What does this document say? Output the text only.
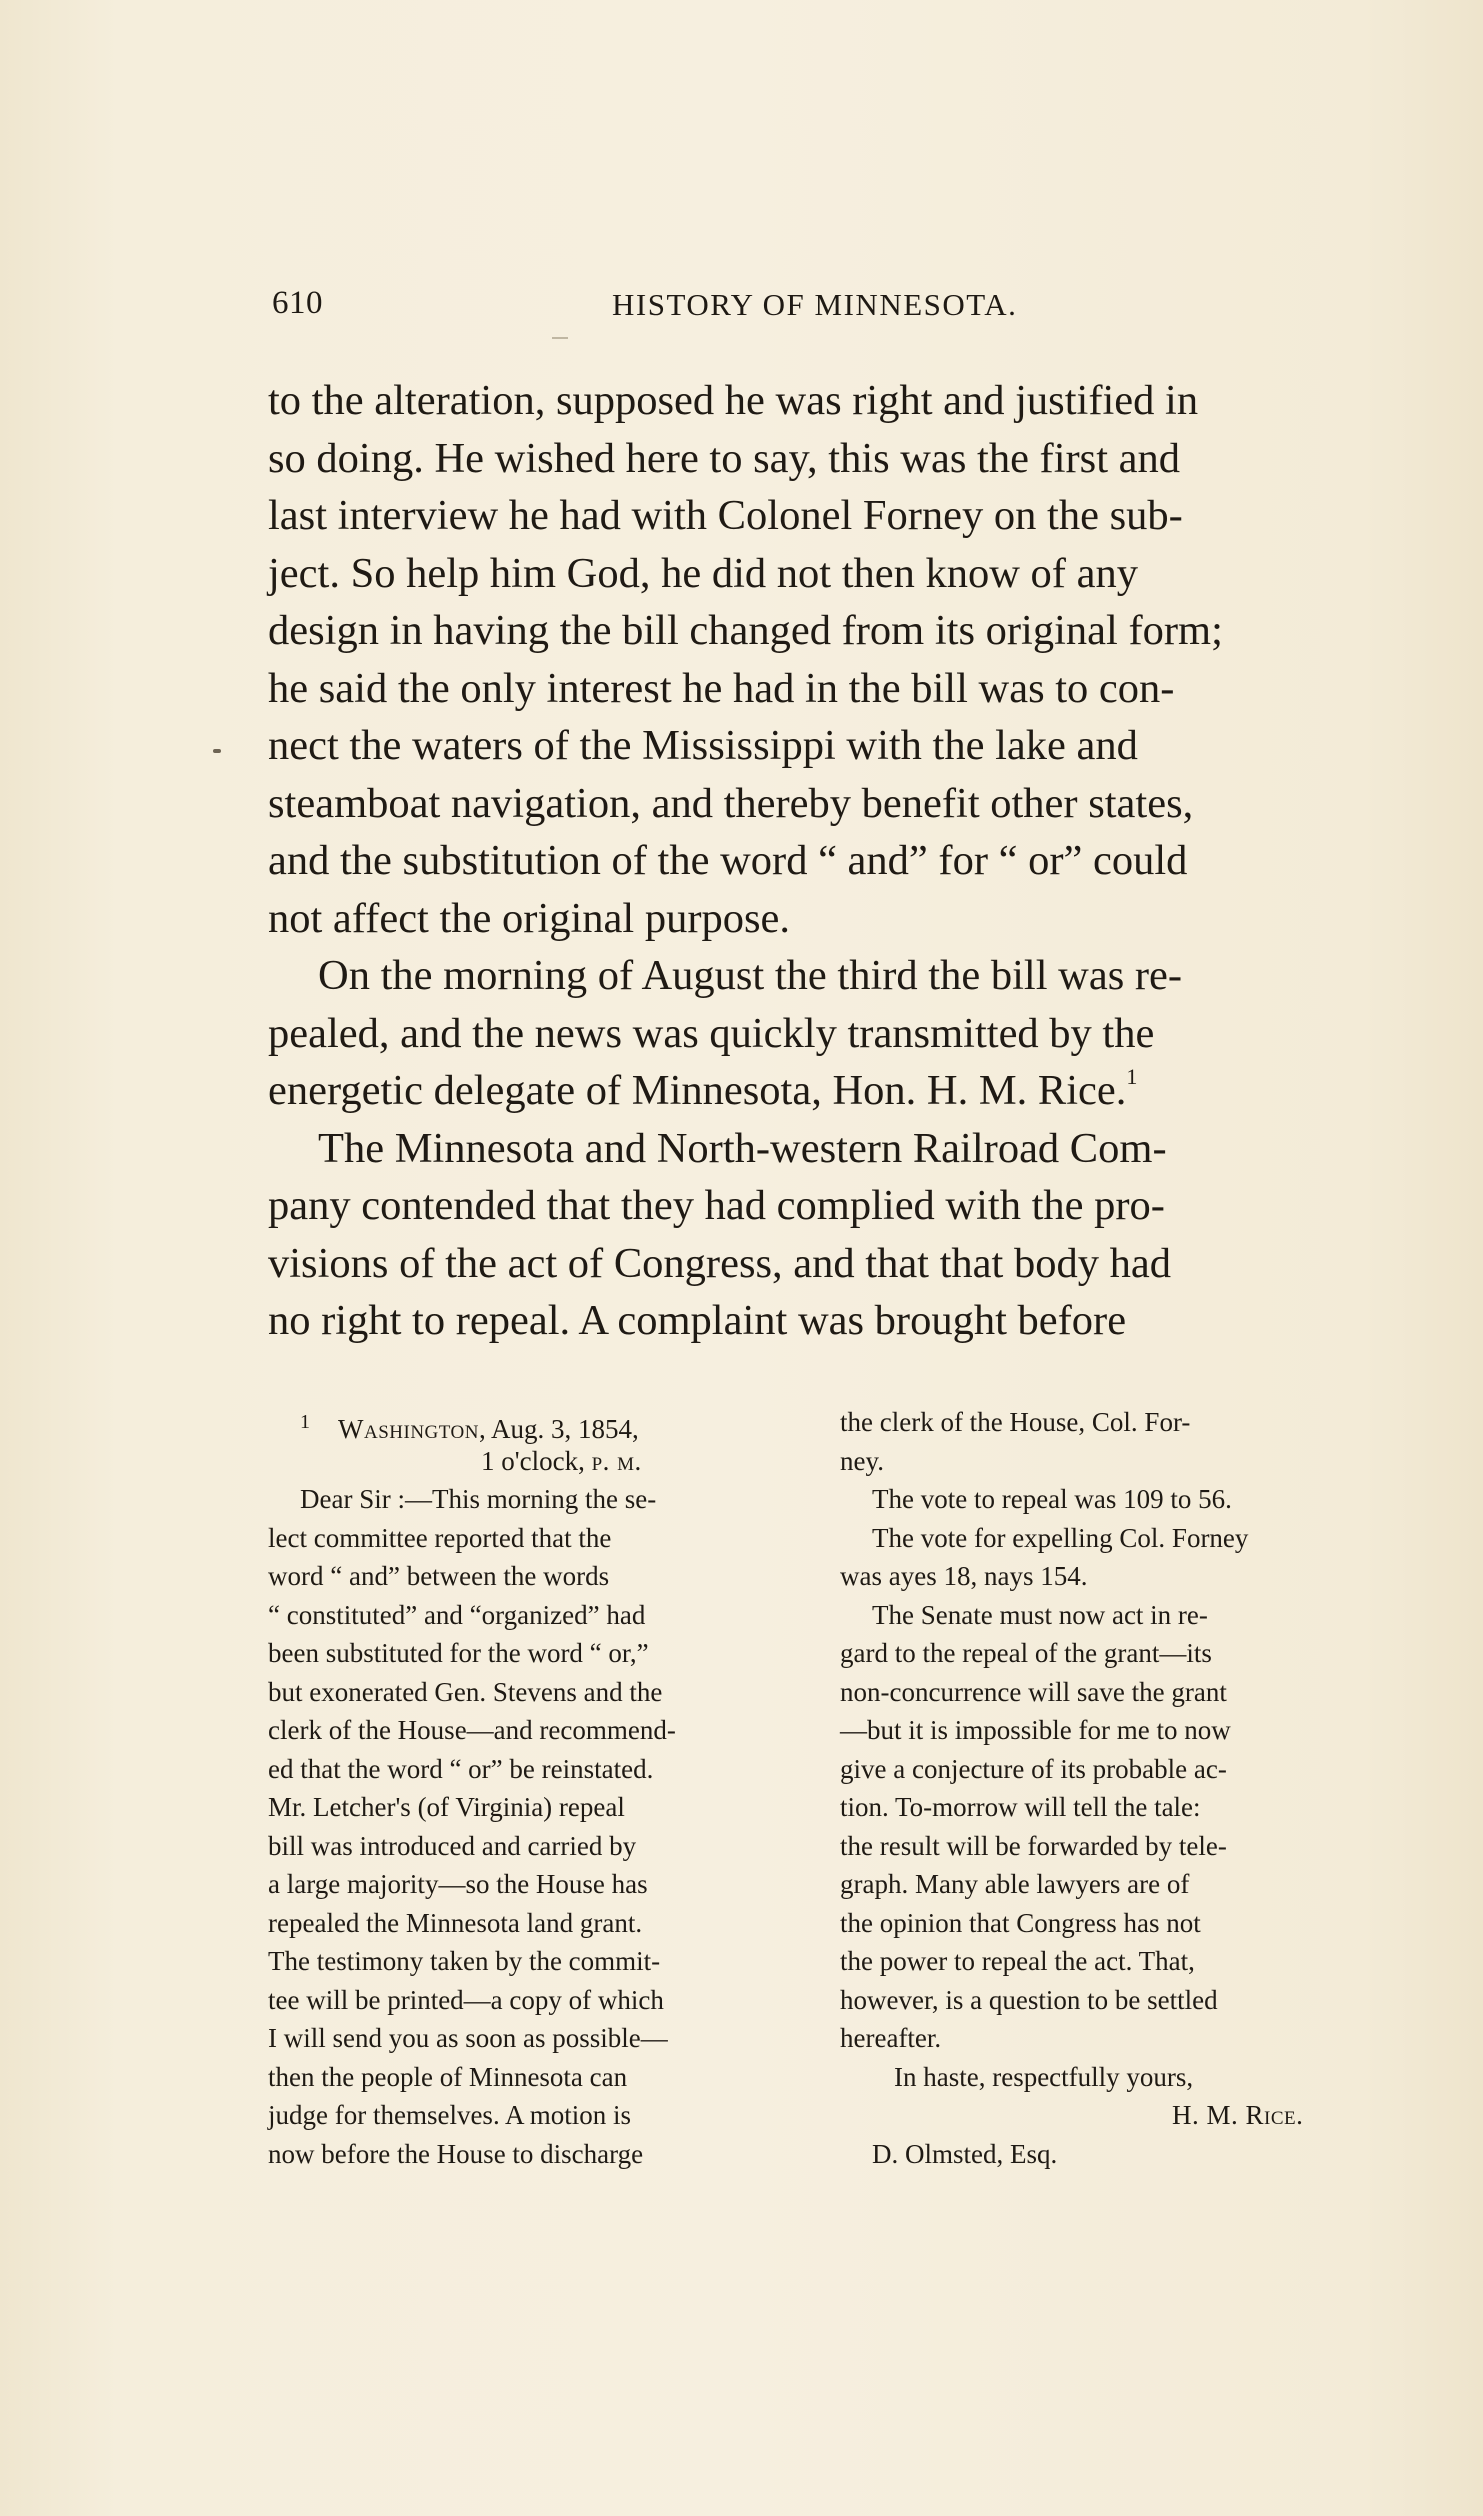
610	HISTORY OF MINNESOTA.
to the alteration, supposed he was right and justified in
so doing. He wished here to say, this was the first and
last interview he had with Colonel Forney on the sub-
ject. So help him God, he did not then know of any
design in having the bill changed from its original form;
he said the only interest he had in the bill was to con-
nect the waters of the Mississippi with the lake and
steamboat navigation, and thereby benefit other states,
and the substitution of the word “ and” for “ or” could
not affect the original purpose.
On the morning of August the third the bill was re-
pealed, and the news was quickly transmitted by the
energetic delegate of Minnesota, Hon. H. M. Rice.$^1$
The Minnesota and North-western Railroad Com-
pany contended that they had complied with the pro-
visions of the act of Congress, and that that body had
no right to repeal. A complaint was brought before
$^1$ Washington, Aug. 3, 1854,
1 o'clock, p. m.
Dear Sir :—This morning the se-
lect committee reported that the
word “ and” between the words
“ constituted” and “organized” had
been substituted for the word “ or,”
but exonerated Gen. Stevens and the
clerk of the House—and recommend-
ed that the word “ or” be reinstated.
Mr. Letcher's (of Virginia) repeal
bill was introduced and carried by
a large majority—so the House has
repealed the Minnesota land grant.
The testimony taken by the commit-
tee will be printed—a copy of which
I will send you as soon as possible—
then the people of Minnesota can
judge for themselves. A motion is
now before the House to discharge
the clerk of the House, Col. For-
ney.
The vote to repeal was 109 to 56.
The vote for expelling Col. Forney
was ayes 18, nays 154.
The Senate must now act in re-
gard to the repeal of the grant—its
non-concurrence will save the grant
—but it is impossible for me to now
give a conjecture of its probable ac-
tion. To-morrow will tell the tale:
the result will be forwarded by tele-
graph. Many able lawyers are of
the opinion that Congress has not
the power to repeal the act. That,
however, is a question to be settled
hereafter.
In haste, respectfully yours,
H. M. Rice.
D. Olmsted, Esq.
